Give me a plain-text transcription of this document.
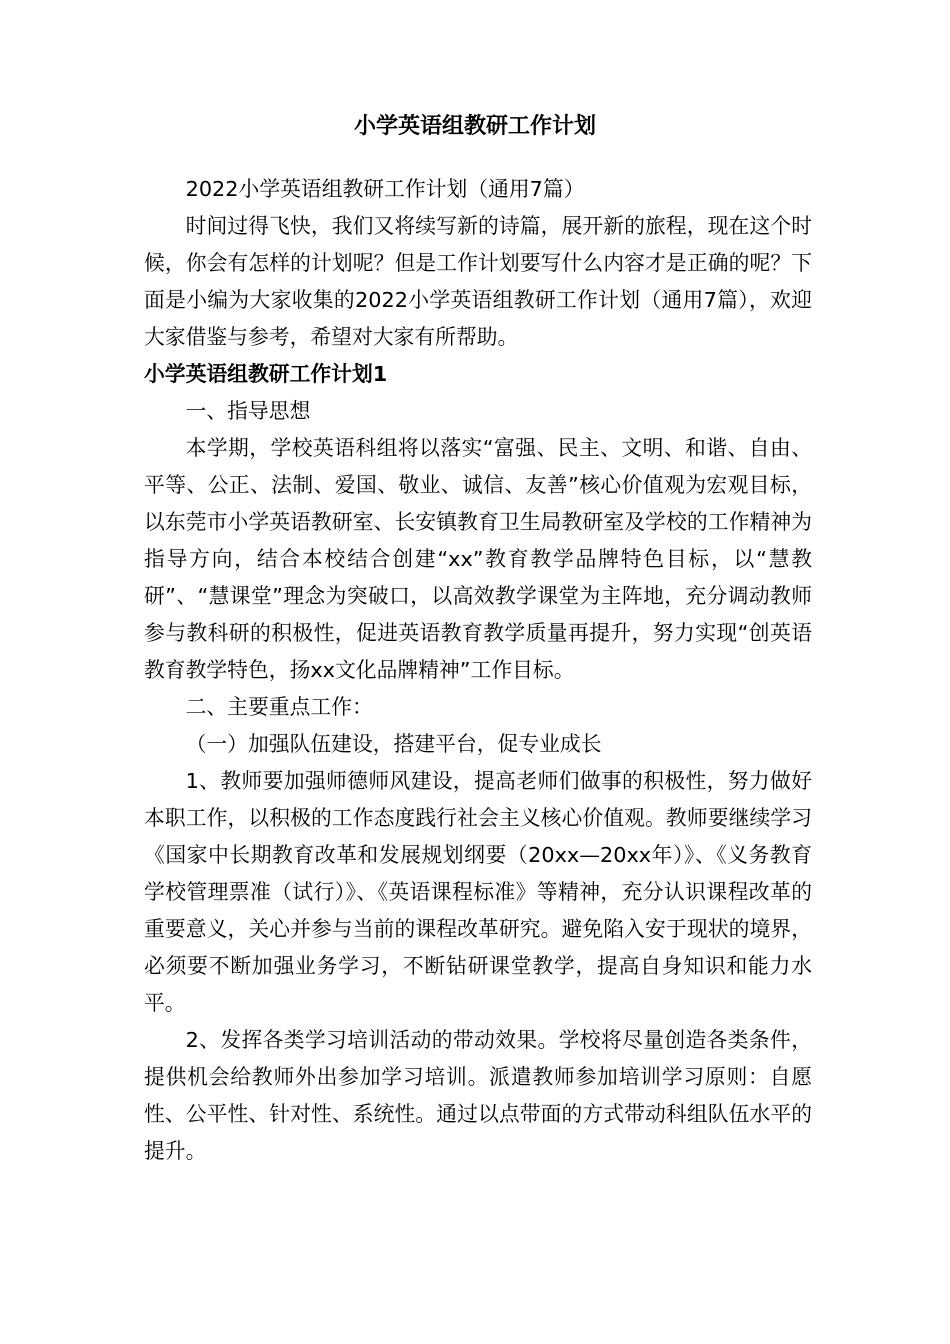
小学英语组教研工作计划

2022小学英语组教研工作计划（通用7篇）

时间过得飞快，我们又将续写新的诗篇，展开新的旅程，现在这个时候，你会有怎样的计划呢？但是工作计划要写什么内容才是正确的呢？下面是小编为大家收集的2022小学英语组教研工作计划（通用7篇），欢迎大家借鉴与参考，希望对大家有所帮助。

小学英语组教研工作计划1

一、指导思想

本学期，学校英语科组将以落实“富强、民主、文明、和谐、自由、平等、公正、法制、爱国、敬业、诚信、友善”核心价值观为宏观目标，以东莞市小学英语教研室、长安镇教育卫生局教研室及学校的工作精神为指导方向，结合本校结合创建“xx”教育教学品牌特色目标，以“慧教研”、“慧课堂”理念为突破口，以高效教学课堂为主阵地，充分调动教师参与教科研的积极性，促进英语教育教学质量再提升，努力实现“创英语教育教学特色，扬xx文化品牌精神”工作目标。

二、主要重点工作：

（一）加强队伍建设，搭建平台，促专业成长

1、教师要加强师德师风建设，提高老师们做事的积极性，努力做好本职工作，以积极的工作态度践行社会主义核心价值观。教师要继续学习《国家中长期教育改革和发展规划纲要（20xx—20xx年）》、《义务教育学校管理票准（试行）》、《英语课程标准》等精神，充分认识课程改革的重要意义，关心并参与当前的课程改革研究。避免陷入安于现状的境界，必须要不断加强业务学习，不断钻研课堂教学，提高自身知识和能力水平。

2、发挥各类学习培训活动的带动效果。学校将尽量创造各类条件，提供机会给教师外出参加学习培训。派遣教师参加培训学习原则：自愿性、公平性、针对性、系统性。通过以点带面的方式带动科组队伍水平的提升。
